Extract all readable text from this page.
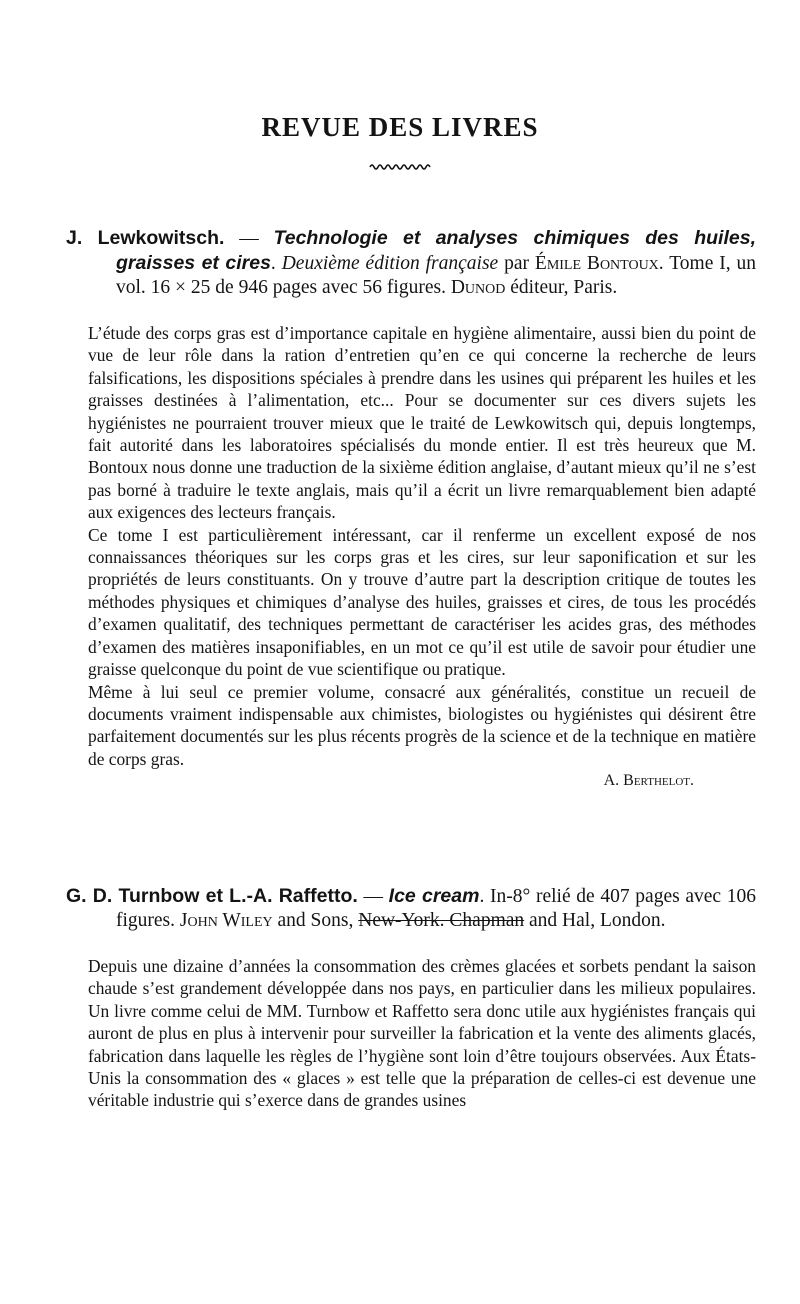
REVUE DES LIVRES

J. Lewkowitsch. — Technologie et analyses chimiques des huiles, graisses et cires. Deuxième édition française par Émile Bontoux. Tome I, un vol. 16 × 25 de 946 pages avec 56 figures. Dunod éditeur, Paris.

L’étude des corps gras est d’importance capitale en hygiène alimentaire, aussi bien du point de vue de leur rôle dans la ration d’entretien qu’en ce qui concerne la recherche de leurs falsifications, les dispositions spéciales à prendre dans les usines qui préparent les huiles et les graisses destinées à l’alimentation, etc... Pour se documenter sur ces divers sujets les hygiénistes ne pourraient trouver mieux que le traité de Lewkowitsch qui, depuis longtemps, fait autorité dans les laboratoires spécialisés du monde entier. Il est très heureux que M. Bontoux nous donne une traduction de la sixième édition anglaise, d’autant mieux qu’il ne s’est pas borné à traduire le texte anglais, mais qu’il a écrit un livre remarquablement bien adapté aux exigences des lecteurs français.

Ce tome I est particulièrement intéressant, car il renferme un excellent exposé de nos connaissances théoriques sur les corps gras et les cires, sur leur saponification et sur les propriétés de leurs constituants. On y trouve d’autre part la description critique de toutes les méthodes physiques et chimiques d’analyse des huiles, graisses et cires, de tous les procédés d’examen qualitatif, des techniques permettant de caractériser les acides gras, des méthodes d’examen des matières insaponifiables, en un mot ce qu’il est utile de savoir pour étudier une graisse quelconque du point de vue scientifique ou pratique.

Même à lui seul ce premier volume, consacré aux généralités, constitue un recueil de documents vraiment indispensable aux chimistes, biologistes ou hygiénistes qui désirent être parfaitement documentés sur les plus récents progrès de la science et de la technique en matière de corps gras.

A. Berthelot.

G. D. Turnbow et L.-A. Raffetto. — Ice cream. In-8° relié de 407 pages avec 106 figures. John Wiley and Sons, New-York. Chapman and Hal, London.

Depuis une dizaine d’années la consommation des crèmes glacées et sorbets pendant la saison chaude s’est grandement développée dans nos pays, en particulier dans les milieux populaires. Un livre comme celui de MM. Turnbow et Raffetto sera donc utile aux hygiénistes français qui auront de plus en plus à intervenir pour surveiller la fabrication et la vente des aliments glacés, fabrication dans laquelle les règles de l’hygiène sont loin d’être toujours observées. Aux États-Unis la consommation des « glaces » est telle que la préparation de celles-ci est devenue une véritable industrie qui s’exerce dans de grandes usines
